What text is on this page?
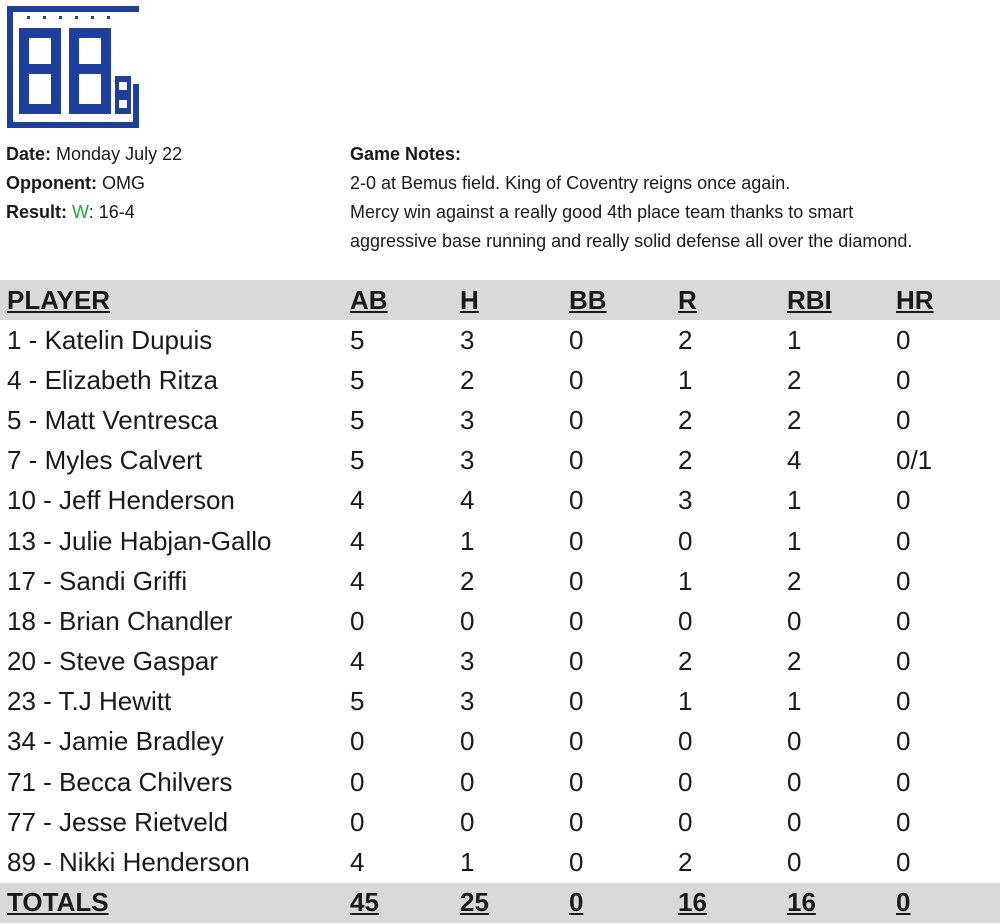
Date: Monday July 22
Opponent: OMG
Result: W: 16-4
Game Notes:
2-0 at Bemus field. King of Coventry reigns once again.
Mercy win against a really good 4th place team thanks to smart
aggressive base running and really solid defense all over the diamond.
PLAYER	AB	H	BB	R	RBI	HR
1 - Katelin Dupuis	5	3	0	2	1	0
4 - Elizabeth Ritza	5	2	0	1	2	0
5 - Matt Ventresca	5	3	0	2	2	0
7 - Myles Calvert	5	3	0	2	4	0/1
10 - Jeff Henderson	4	4	0	3	1	0
13 - Julie Habjan-Gallo	4	1	0	0	1	0
17 - Sandi Griffi	4	2	0	1	2	0
18 - Brian Chandler	0	0	0	0	0	0
20 - Steve Gaspar	4	3	0	2	2	0
23 - T.J Hewitt	5	3	0	1	1	0
34 - Jamie Bradley	0	0	0	0	0	0
71 - Becca Chilvers	0	0	0	0	0	0
77 - Jesse Rietveld	0	0	0	0	0	0
89 - Nikki Henderson	4	1	0	2	0	0
TOTALS	45	25	0	16	16	0
